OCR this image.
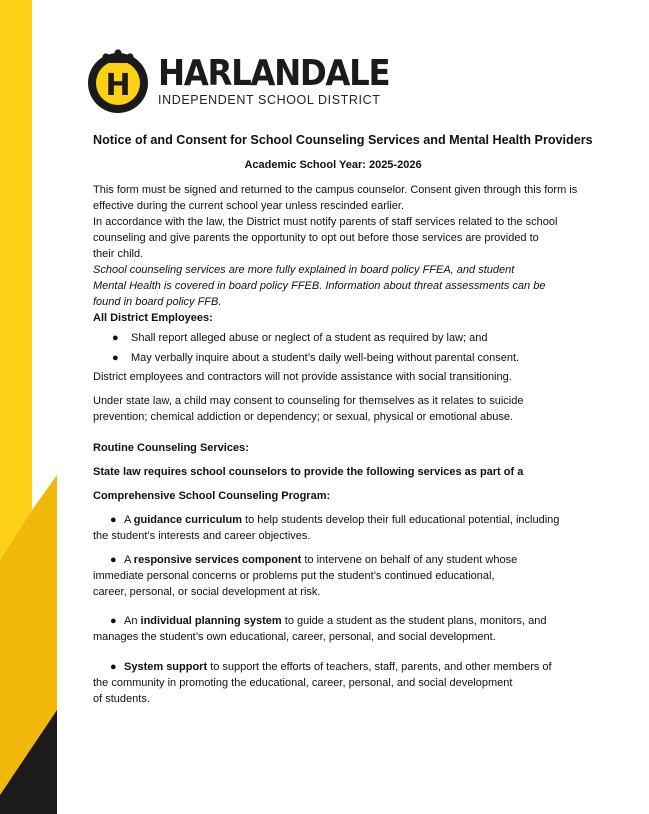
H HARLANDALE
INDEPENDENT SCHOOL DISTRICT
Notice of and Consent for School Counseling Services and Mental Health Providers
Academic School Year: 2025-2026

This form must be signed and returned to the campus counselor. Consent given through this form is
effective during the current school year unless rescinded earlier.
In accordance with the law, the District must notify parents of staff services related to the school
counseling and give parents the opportunity to opt out before those services are provided to
their child.
School counseling services are more fully explained in board policy FFEA, and student
Mental Health is covered in board policy FFEB. Information about threat assessments can be
found in board policy FFB.
All District Employees:

● Shall report alleged abuse or neglect of a student as required by law; and
● May verbally inquire about a student’s daily well-being without parental consent.

District employees and contractors will not provide assistance with social transitioning.

Under state law, a child may consent to counseling for themselves as it relates to suicide
prevention; chemical addiction or dependency; or sexual, physical or emotional abuse.

Routine Counseling Services:

State law requires school counselors to provide the following services as part of a

Comprehensive School Counseling Program:

● A guidance curriculum to help students develop their full educational potential, including
the student’s interests and career objectives.

● A responsive services component to intervene on behalf of any student whose
immediate personal concerns or problems put the student’s continued educational,
career, personal, or social development at risk.

● An individual planning system to guide a student as the student plans, monitors, and
manages the student’s own educational, career, personal, and social development.

● System support to support the efforts of teachers, staff, parents, and other members of
the community in promoting the educational, career, personal, and social development
of students.
